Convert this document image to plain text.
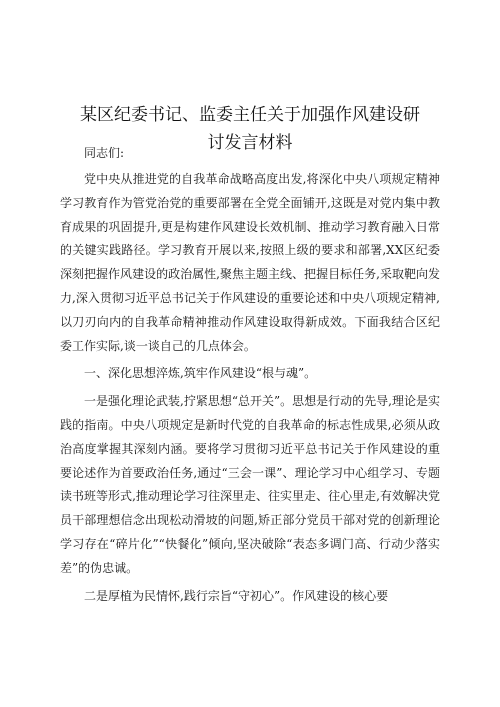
某区纪委书记、监委主任关于加强作风建设研
讨发言材料
同志们:

党中央从推进党的自我革命战略高度出发,将深化中央八项规定精神学习教育作为管党治党的重要部署在全党全面铺开,这既是对党内集中教育成果的巩固提升,更是构建作风建设长效机制、推动学习教育融入日常的关键实践路径。学习教育开展以来,按照上级的要求和部署,XX区纪委深刻把握作风建设的政治属性,聚焦主题主线、把握目标任务,采取靶向发力,深入贯彻习近平总书记关于作风建设的重要论述和中央八项规定精神,以刀刃向内的自我革命精神推动作风建设取得新成效。下面我结合区纪委工作实际,谈一谈自己的几点体会。

一、深化思想淬炼,筑牢作风建设“根与魂”。

一是强化理论武装,拧紧思想“总开关”。思想是行动的先导,理论是实践的指南。中央八项规定是新时代党的自我革命的标志性成果,必须从政治高度掌握其深刻内涵。要将学习贯彻习近平总书记关于作风建设的重要论述作为首要政治任务,通过“三会一课”、理论学习中心组学习、专题读书班等形式,推动理论学习往深里走、往实里走、往心里走,有效解决党员干部理想信念出现松动滑坡的问题,矫正部分党员干部对党的创新理论学习存在“碎片化”“快餐化”倾向,坚决破除“表态多调门高、行动少落实差”的伪忠诚。

二是厚植为民情怀,践行宗旨“守初心”。作风建设的核心要
